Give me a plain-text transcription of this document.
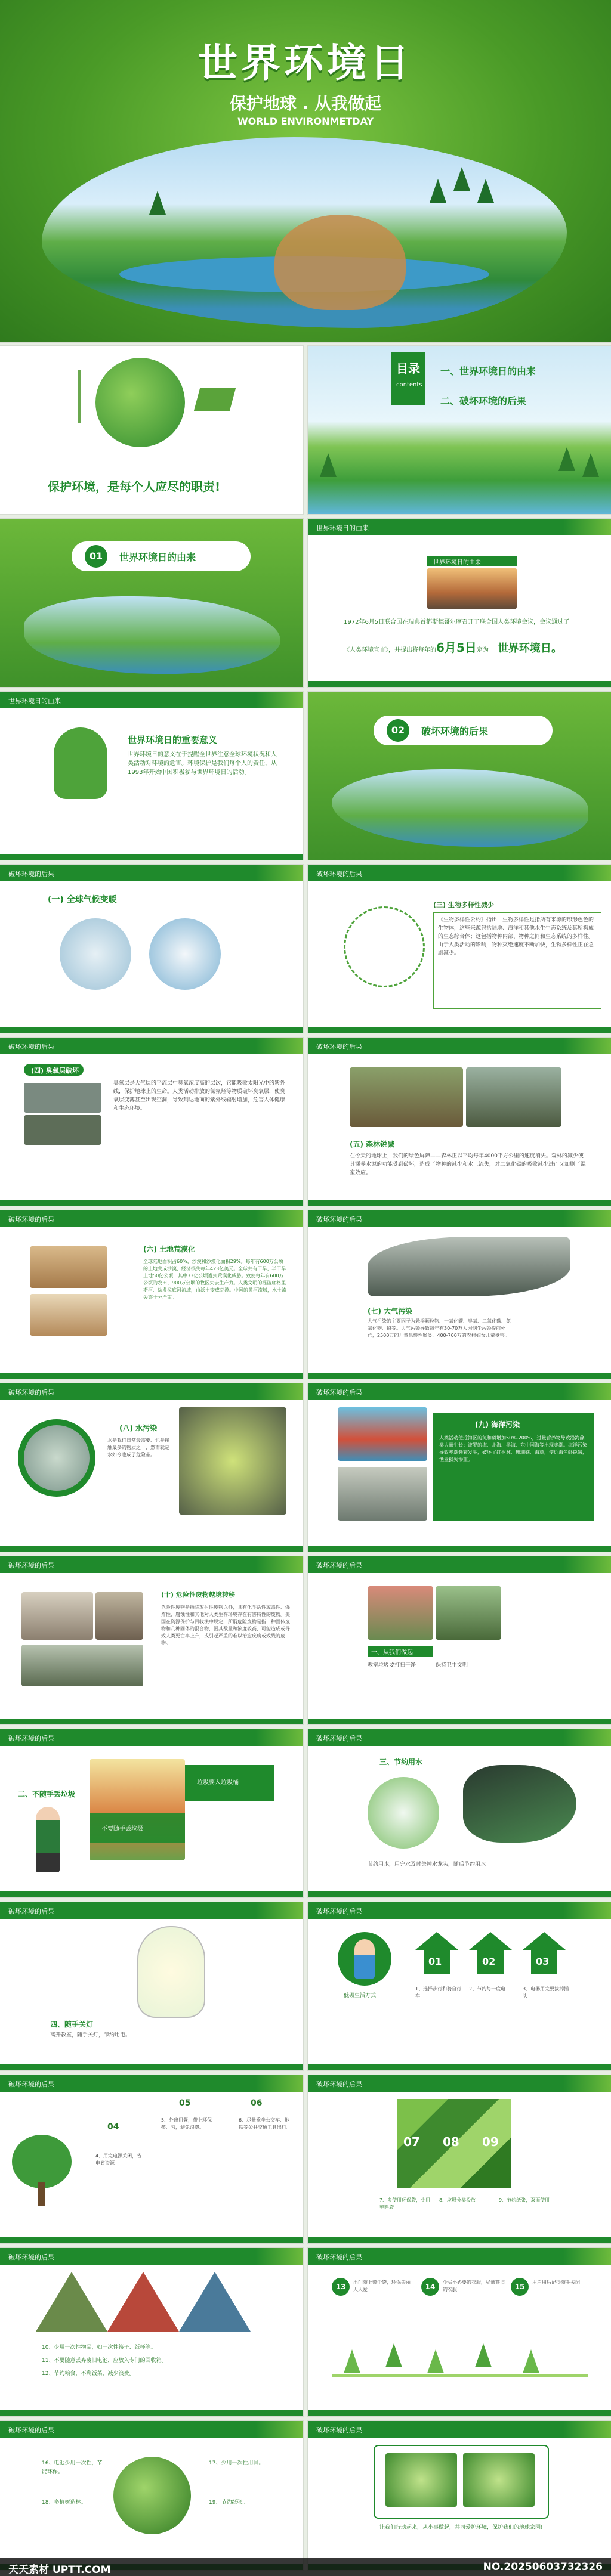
世界环境日
保护地球 . 从我做起
WORLD ENVIRONMETDAY
保护环境，是每个人应尽的职责!
目录
contents
一、世界环境日的由来
二、破坏环境的后果
01	世界环境日的由来
世界环境日的由来
世界环境日的由来
1972年6月5日联合国在瑞典首都斯德哥尔摩召开了联合国人类环境会议，会议通过了
《人类环境宣言》，并提出将每年的6月5日定为 世界环境日。
世界环境日的由来
世界环境日的重要意义
世界环境日的意义在于提醒全世界注意全球环境状况和人类活动对环境的危害。环境保护是我们每个人的责任，从1993年开始中国积极参与世界环境日的活动。
02	破坏环境的后果
破坏环境的后果
(一) 全球气候变暖
破坏环境的后果
(三) 生物多样性减少
《生物多样性公约》指出，生物多样性是指所有来源的形形色色的生物体，这些来源包括陆地、海洋和其他水生生态系统及其所构成的生态综合体；这包括物种内部、物种之间和生态系统的多样性。由于人类活动的影响，物种灭绝速度不断加快，生物多样性正在急剧减少。
破坏环境的后果
(四) 臭氧层破坏
臭氧层是大气层的平流层中臭氧浓度高的层次，它能吸收太阳光中的紫外线，保护地球上的生命。人类活动排放的氯氟烃等物质破坏臭氧层，使臭氧层变薄甚至出现空洞，导致到达地面的紫外线辐射增加，危害人体健康和生态环境。
破坏环境的后果
(五) 森林锐减
在今天的地球上，我们的绿色屏障——森林正以平均每年4000平方公里的速度消失。森林的减少使其涵养水源的功能受到破坏，造成了物种的减少和水土流失，对二氧化碳的吸收减少进而又加剧了温室效应。
破坏环境的后果
(六) 土地荒漠化
全球陆地面积占60%，沙漠和沙漠化面积29%。每年有600万公顷的土地变成沙漠，经济损失每年423亿美元。全球共有干旱、半干旱土地50亿公顷，其中33亿公顷遭到荒漠化威胁。致使每年有600万公顷的农田、900万公顷的牧区失去生产力。人类文明的摇篮底格里斯河、幼发拉底河流域，由沃土变成荒漠。中国的黄河流域，水土流失亦十分严重。
破坏环境的后果
(七) 大气污染
大气污染的主要因子为悬浮颗粒物、一氧化碳、臭氧、二氧化碳、氮氧化物、铅等。大气污染导致每年有30-70万人因烟尘污染提前死亡，2500万的儿童患慢性喉炎，400-700万的农村妇女儿童受害。
破坏环境的后果
(八) 水污染
水是我们日常最需要、也是接触最多的物质之一，然而就是水如今也成了危险品。
破坏环境的后果
(九) 海洋污染
人类活动使近海区的氮和磷增加50%-200%，过量营养物导致沿海藻类大量生长；波罗的海、北海、黑海、东中国海等出现赤潮。海洋污染导致赤潮频繁发生，破坏了红树林、珊瑚礁、海草，使近海鱼虾锐减，渔业损失惨重。
破坏环境的后果
(十) 危险性废物越境转移
危险性废物是指除放射性废物以外，具有化学活性或毒性、爆炸性、腐蚀性和其他对人类生存环境存在有害特性的废物。美国在资源保护与回收法中规定，所谓危险废物是指一种固体废物和几种固体的混合物，因其数量和浓度较高，可能造成或导致人类死亡率上升，或引起严重的难以治愈疾病或致残的废物。
破坏环境的后果
一、从我们做起
教室垃圾要打扫干净	保持卫生文明
破坏环境的后果
二、不随手丢垃圾
垃圾要入垃圾桶
不要随手丢垃圾
破坏环境的后果
三、节约用水
节约用水，用完水及时关掉水龙头，随后节约用水。
破坏环境的后果
四、随手关灯
离开教室，随手关灯，节约用电。
破坏环境的后果
低碳生活方式
01	02	03
1、选择步行和骑自行车
2、节约每一度电	3、电器用完要拔掉插头
破坏环境的后果
04
4、用完电源关闭，省电省资源
05
5、外出用餐，带上环保筷、勺，避免浪费。
06
6、尽量乘坐公交车、地铁等公共交通工具出行。
破坏环境的后果
07 08 09
7、多使用环保袋，少用塑料袋
8、垃圾分类投放	9、节约纸张，双面使用
破坏环境的后果
10、少用一次性物品，如一次性筷子、纸杯等。
11、不要随意丢弃废旧电池，应放入专门的回收箱。
12、节约粮食，不剩饭菜，减少浪费。
破坏环境的后果
13
出门随上带个袋，环保美丽人人爱	14
少买不必要的衣服，尽量穿旧的衣服	15
用户用后记得随手关闭
破坏环境的后果
16、电池少用一次性，节能环保。
18、多植树造林。
17、少用一次性用具。
19、节约纸张。
破坏环境的后果
让我们行动起来，从小事做起，共同爱护环境，保护我们的地球家园!
天天素材 UPTT.COM	NO.20250603732326
